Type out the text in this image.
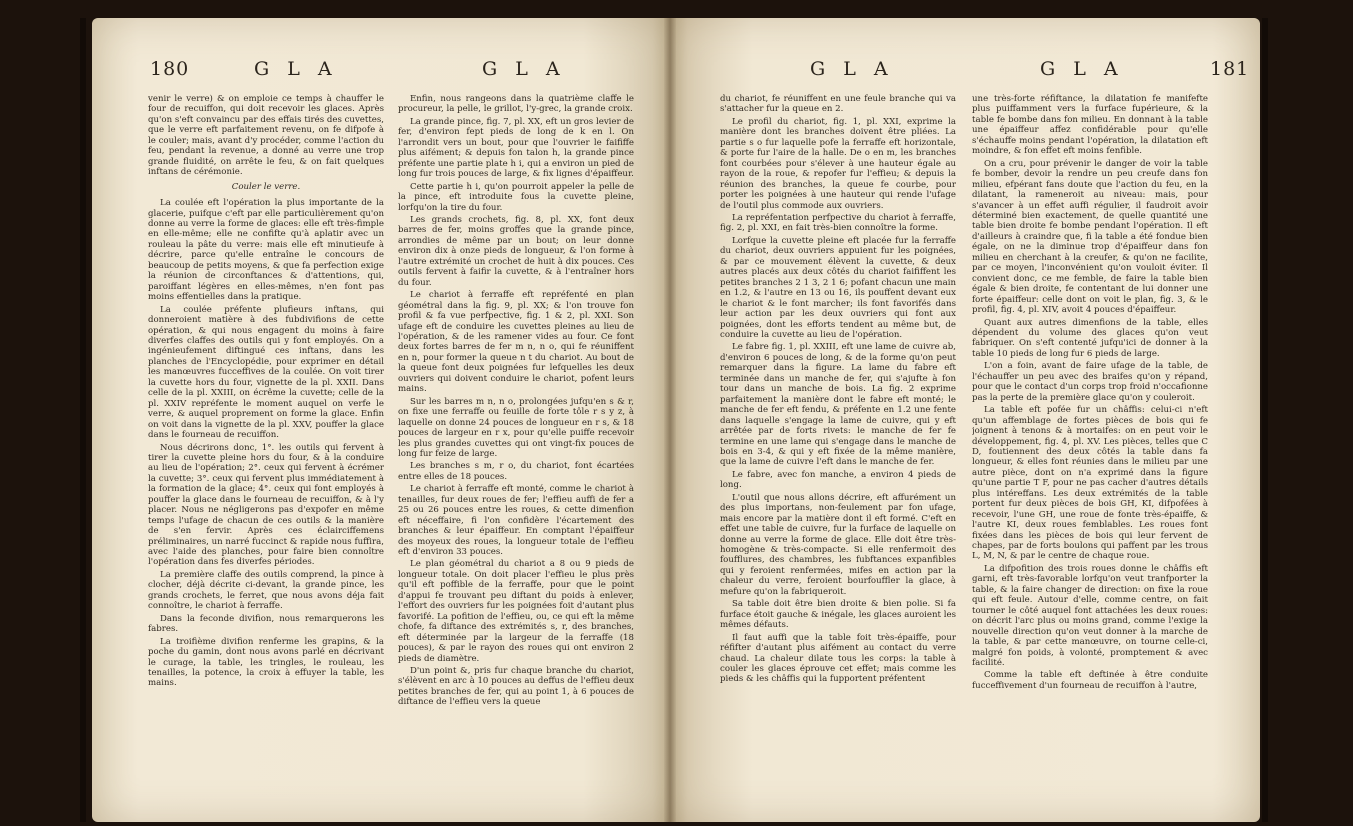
180	G L A	G L A

venir le verre) & on emploie ce temps à chauffer le four de recuiffon, qui doit recevoir les glaces. Après qu'on s'eft convaincu par des effais tirés des cuvettes, que le verre eft parfaitement revenu, on fe difpofe à le couler; mais, avant d'y procéder, comme l'action du feu, pendant la revenue, a donné au verre une trop grande fluidité, on arrête le feu, & on fait quelques inftans de cérémonie.

Couler le verre.

La coulée eft l'opération la plus importante de la glacerie, puifque c'eft par elle particulièrement qu'on donne au verre la forme de glaces: elle eft très-fimple en elle-même; elle ne confifte qu'à aplatir avec un rouleau la pâte du verre: mais elle eft minutieufe à décrire, parce qu'elle entraîne le concours de beaucoup de petits moyens, & que fa perfection exige la réunion de circonftances & d'attentions, qui, paroiffant légères en elles-mêmes, n'en font pas moins effentielles dans la pratique.

La coulée préfente plufieurs inftans, qui donneroient matière à des fubdivifions de cette opération, & qui nous engagent du moins à faire diverfes claffes des outils qui y font employés. On a ingénieufement diftingué ces inftans, dans les planches de l'Encyclopédie, pour exprimer en détail les manœuvres fucceffives de la coulée. On voit tirer la cuvette hors du four, vignette de la pl. XXII. Dans celle de la pl. XXIII, on écrême la cuvette; celle de la pl. XXIV repréfente le moment auquel on verfe le verre, & auquel proprement on forme la glace. Enfin on voit dans la vignette de la pl. XXV, pouffer la glace dans le fourneau de recuiffon.

Nous décrirons donc, 1°. les outils qui fervent à tirer la cuvette pleine hors du four, & à la conduire au lieu de l'opération; 2°. ceux qui fervent à écrémer la cuvette; 3°. ceux qui fervent plus immédiatement à la formation de la glace; 4°. ceux qui font employés à pouffer la glace dans le fourneau de recuiffon, & à l'y placer. Nous ne négligerons pas d'expofer en même temps l'ufage de chacun de ces outils & la manière de s'en fervir. Après ces éclairciffemens préliminaires, un narré fuccinct & rapide nous fuffira, avec l'aide des planches, pour faire bien connoître l'opération dans fes diverfes périodes.

La première claffe des outils comprend, la pince à clocher, déjà décrite ci-devant, la grande pince, les grands crochets, le ferret, que nous avons déja fait connoître, le chariot à ferraffe.

Dans la feconde divifion, nous remarquerons les fabres.

La troifième divifion renferme les grapins, & la poche du gamin, dont nous avons parlé en décrivant le curage, la table, les tringles, le rouleau, les tenailles, la potence, la croix à effuyer la table, les mains.

Enfin, nous rangeons dans la quatrième claffe le procureur, la pelle, le grillot, l'y-grec, la grande croix.

La grande pince, fig. 7, pl. XX, eft un gros levier de fer, d'environ fept pieds de long de k en l. On l'arrondit vers un bout, pour que l'ouvrier le faififfe plus aifément; & depuis fon talon h, la grande pince préfente une partie plate h i, qui a environ un pied de long fur trois pouces de large, & fix lignes d'épaiffeur.

Cette partie h i, qu'on pourroit appeler la pelle de la pince, eft introduite fous la cuvette pleine, lorfqu'on la tire du four.

Les grands crochets, fig. 8, pl. XX, font deux barres de fer, moins groffes que la grande pince, arrondies de même par un bout; on leur donne environ dix à onze pieds de longueur, & l'on forme à l'autre extrémité un crochet de huit à dix pouces. Ces outils fervent à faifir la cuvette, & à l'entraîner hors du four.

Le chariot à ferraffe eft repréfenté en plan géométral dans la fig. 9, pl. XX; & l'on trouve fon profil & fa vue perfpective, fig. 1 & 2, pl. XXI. Son ufage eft de conduire les cuvettes pleines au lieu de l'opération, & de les ramener vides au four. Ce font deux fortes barres de fer m n, n o, qui fe réuniffent en n, pour former la queue n t du chariot. Au bout de la queue font deux poignées fur lefquelles les deux ouvriers qui doivent conduire le chariot, pofent leurs mains.

Sur les barres m n, n o, prolongées jufqu'en s & r, on fixe une ferraffe ou feuille de forte tôle r s y z, à laquelle on donne 24 pouces de longueur en r s, & 18 pouces de largeur en r x, pour qu'elle puiffe recevoir les plus grandes cuvettes qui ont vingt-fix pouces de long fur feize de large.

Les branches s m, r o, du chariot, font écartées entre elles de 18 pouces.

Le chariot à ferraffe eft monté, comme le chariot à tenailles, fur deux roues de fer; l'effieu auffi de fer a 25 ou 26 pouces entre les roues, & cette dimenfion eft néceffaire, fi l'on confidère l'écartement des branches & leur épaiffeur. En comptant l'épaiffeur des moyeux des roues, la longueur totale de l'effieu eft d'environ 33 pouces.

Le plan géométral du chariot a 8 ou 9 pieds de longueur totale. On doit placer l'effieu le plus près qu'il eft poffible de la ferraffe, pour que le point d'appui fe trouvant peu diftant du poids à enlever, l'effort des ouvriers fur les poignées foit d'autant plus favorifé. La pofition de l'effieu, ou, ce qui eft la même chofe, fa diftance des extrémités s, r, des branches, eft déterminée par la largeur de la ferraffe (18 pouces), & par le rayon des roues qui ont environ 2 pieds de diamètre.

D'un point &, pris fur chaque branche du chariot, s'élèvent en arc à 10 pouces au deffus de l'effieu deux petites branches de fer, qui au point 1, à 6 pouces de diftance de l'effieu vers la queue

G L A	G L A	181

du chariot, fe réuniffent en une feule branche qui va s'attacher fur la queue en 2.

Le profil du chariot, fig. 1, pl. XXI, exprime la manière dont les branches doivent être pliées. La partie s o fur laquelle pofe la ferraffe eft horizontale, & porte fur l'aire de la halle. De o en m, les branches font courbées pour s'élever à une hauteur égale au rayon de la roue, & repofer fur l'effieu; & depuis la réunion des branches, la queue fe courbe, pour porter les poignées à une hauteur qui rende l'ufage de l'outil plus commode aux ouvriers.

La repréfentation perfpective du chariot à ferraffe, fig. 2, pl. XXI, en fait très-bien connoître la forme.

Lorfque la cuvette pleine eft placée fur la ferraffe du chariot, deux ouvriers appuient fur les poignées, & par ce mouvement élèvent la cuvette, & deux autres placés aux deux côtés du chariot faififfent les petites branches 2 1 3, 2 1 6; pofant chacun une main en 1.2, & l'autre en 13 ou 16, ils pouffent devant eux le chariot & le font marcher; ils font favorifés dans leur action par les deux ouvriers qui font aux poignées, dont les efforts tendent au même but, de conduire la cuvette au lieu de l'opération.

Le fabre fig. 1, pl. XXIII, eft une lame de cuivre ab, d'environ 6 pouces de long, & de la forme qu'on peut remarquer dans la figure. La lame du fabre eft terminée dans un manche de fer, qui s'ajufte à fon tour dans un manche de bois. La fig. 2 exprime parfaitement la manière dont le fabre eft monté; le manche de fer eft fendu, & préfente en 1.2 une fente dans laquelle s'engage la lame de cuivre, qui y eft arrêtée par de forts rivets: le manche de fer fe termine en une lame qui s'engage dans le manche de bois en 3-4, & qui y eft fixée de la même manière, que la lame de cuivre l'eft dans le manche de fer.

Le fabre, avec fon manche, a environ 4 pieds de long.

L'outil que nous allons décrire, eft affurément un des plus importans, non-feulement par fon ufage, mais encore par la matière dont il eft formé. C'eft en effet une table de cuivre, fur la furface de laquelle on donne au verre la forme de glace. Elle doit être très-homogène & très-compacte. Si elle renfermoit des foufflures, des chambres, les fubftances expanfibles qui y feroient renfermées, mifes en action par la chaleur du verre, feroient bourfouffler la glace, à mefure qu'on la fabriqueroit.

Sa table doit être bien droite & bien polie. Si fa furface étoit gauche & inégale, les glaces auroient les mêmes défauts.

Il faut auffi que la table foit très-épaiffe, pour réfifter d'autant plus aifément au contact du verre chaud. La chaleur dilate tous les corps: la table à couler les glaces éprouve cet effet; mais comme les pieds & les châffis qui la fupportent préfentent

une très-forte réfiftance, la dilatation fe manifefte plus puiffamment vers la furface fupérieure, & la table fe bombe dans fon milieu. En donnant à la table une épaiffeur affez confidérable pour qu'elle s'échauffe moins pendant l'opération, la dilatation eft moindre, & fon effet eft moins fenfible.

On a cru, pour prévenir le danger de voir la table fe bomber, devoir la rendre un peu creufe dans fon milieu, efpérant fans doute que l'action du feu, en la dilatant, la rameneroit au niveau: mais, pour s'avancer à un effet auffi régulier, il faudroit avoir déterminé bien exactement, de quelle quantité une table bien droite fe bombe pendant l'opération. Il eft d'ailleurs à craindre que, fi la table a été fondue bien égale, on ne la diminue trop d'épaiffeur dans fon milieu en cherchant à la creufer, & qu'on ne facilite, par ce moyen, l'inconvénient qu'on vouloit éviter. Il convient donc, ce me femble, de faire la table bien égale & bien droite, fe contentant de lui donner une forte épaiffeur: celle dont on voit le plan, fig. 3, & le profil, fig. 4, pl. XIV, avoit 4 pouces d'épaiffeur.

Quant aux autres dimenfions de la table, elles dépendent du volume des glaces qu'on veut fabriquer. On s'eft contenté jufqu'ici de donner à la table 10 pieds de long fur 6 pieds de large.

L'on a foin, avant de faire ufage de la table, de l'échauffer un peu avec des braifes qu'on y répand, pour que le contact d'un corps trop froid n'occafionne pas la perte de la première glace qu'on y couleroit.

La table eft pofée fur un châffis: celui-ci n'eft qu'un affemblage de fortes pièces de bois qui fe joignent à tenons & à mortaifes: on en peut voir le développement, fig. 4, pl. XV. Les pièces, telles que C D, foutiennent des deux côtés la table dans fa longueur, & elles font réunies dans le milieu par une autre pièce, dont on n'a exprimé dans la figure qu'une partie T F, pour ne pas cacher d'autres détails plus intéreffans. Les deux extrémités de la table portent fur deux pièces de bois GH, KI, difpofées à recevoir, l'une GH, une roue de fonte très-épaiffe, & l'autre KI, deux roues femblables. Les roues font fixées dans les pièces de bois qui leur fervent de chapes, par de forts boulons qui paffent par les trous L, M, N, & par le centre de chaque roue.

La difpofition des trois roues donne le châffis eft garni, eft très-favorable lorfqu'on veut tranfporter la table, & la faire changer de direction: on fixe la roue qui eft feule. Autour d'elle, comme centre, on fait tourner le côté auquel font attachées les deux roues: on décrit l'arc plus ou moins grand, comme l'exige la nouvelle direction qu'on veut donner à la marche de la table, & par cette manœuvre, on tourne celle-ci, malgré fon poids, à volonté, promptement & avec facilité.

Comme la table eft deftinée à être conduite fucceffivement d'un fourneau de recuiffon à l'autre,
